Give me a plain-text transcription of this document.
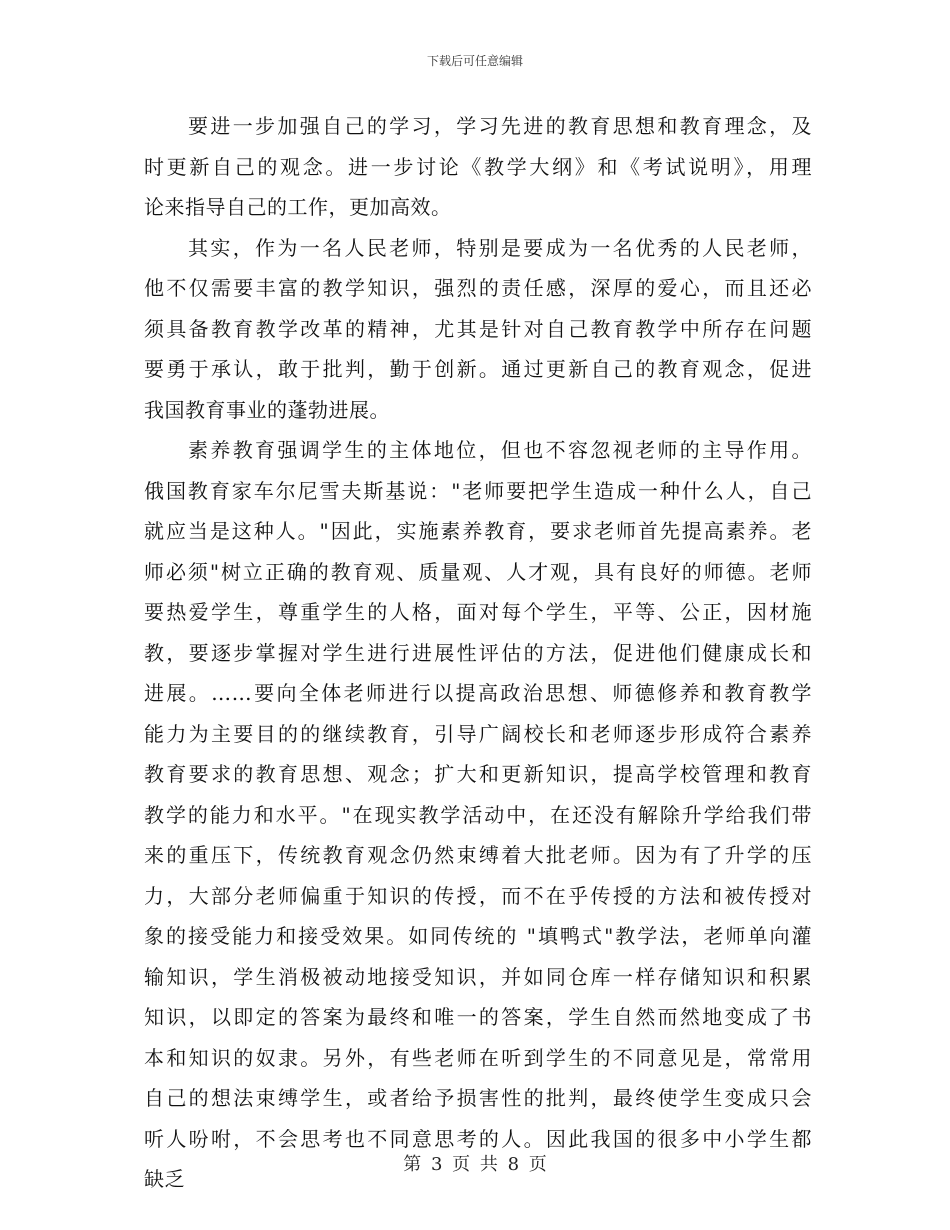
下载后可任意编辑
要进一步加强自己的学习，学习先进的教育思想和教育理念，及
时更新自己的观念。进一步讨论《教学大纲》和《考试说明》，用理
论来指导自己的工作，更加高效。
其实，作为一名人民老师，特别是要成为一名优秀的人民老师，
他不仅需要丰富的教学知识，强烈的责任感，深厚的爱心，而且还必
须具备教育教学改革的精神，尤其是针对自己教育教学中所存在问题
要勇于承认，敢于批判，勤于创新。通过更新自己的教育观念，促进
我国教育事业的蓬勃进展。
素养教育强调学生的主体地位，但也不容忽视老师的主导作用。
俄国教育家车尔尼雪夫斯基说："老师要把学生造成一种什么人，自己
就应当是这种人。"因此，实施素养教育，要求老师首先提高素养。老
师必须"树立正确的教育观、质量观、人才观，具有良好的师德。老师
要热爱学生，尊重学生的人格，面对每个学生，平等、公正，因材施
教，要逐步掌握对学生进行进展性评估的方法，促进他们健康成长和
进展。……要向全体老师进行以提高政治思想、师德修养和教育教学
能力为主要目的的继续教育，引导广阔校长和老师逐步形成符合素养
教育要求的教育思想、观念；扩大和更新知识，提高学校管理和教育
教学的能力和水平。"在现实教学活动中，在还没有解除升学给我们带
来的重压下，传统教育观念仍然束缚着大批老师。因为有了升学的压
力，大部分老师偏重于知识的传授，而不在乎传授的方法和被传授对
象的接受能力和接受效果。如同传统的 "填鸭式"教学法，老师单向灌
输知识，学生消极被动地接受知识，并如同仓库一样存储知识和积累
知识，以即定的答案为最终和唯一的答案，学生自然而然地变成了书
本和知识的奴隶。另外，有些老师在听到学生的不同意见是，常常用
自己的想法束缚学生，或者给予损害性的批判，最终使学生变成只会
听人吩咐，不会思考也不同意思考的人。因此我国的很多中小学生都
缺乏
第 3 页 共 8 页
